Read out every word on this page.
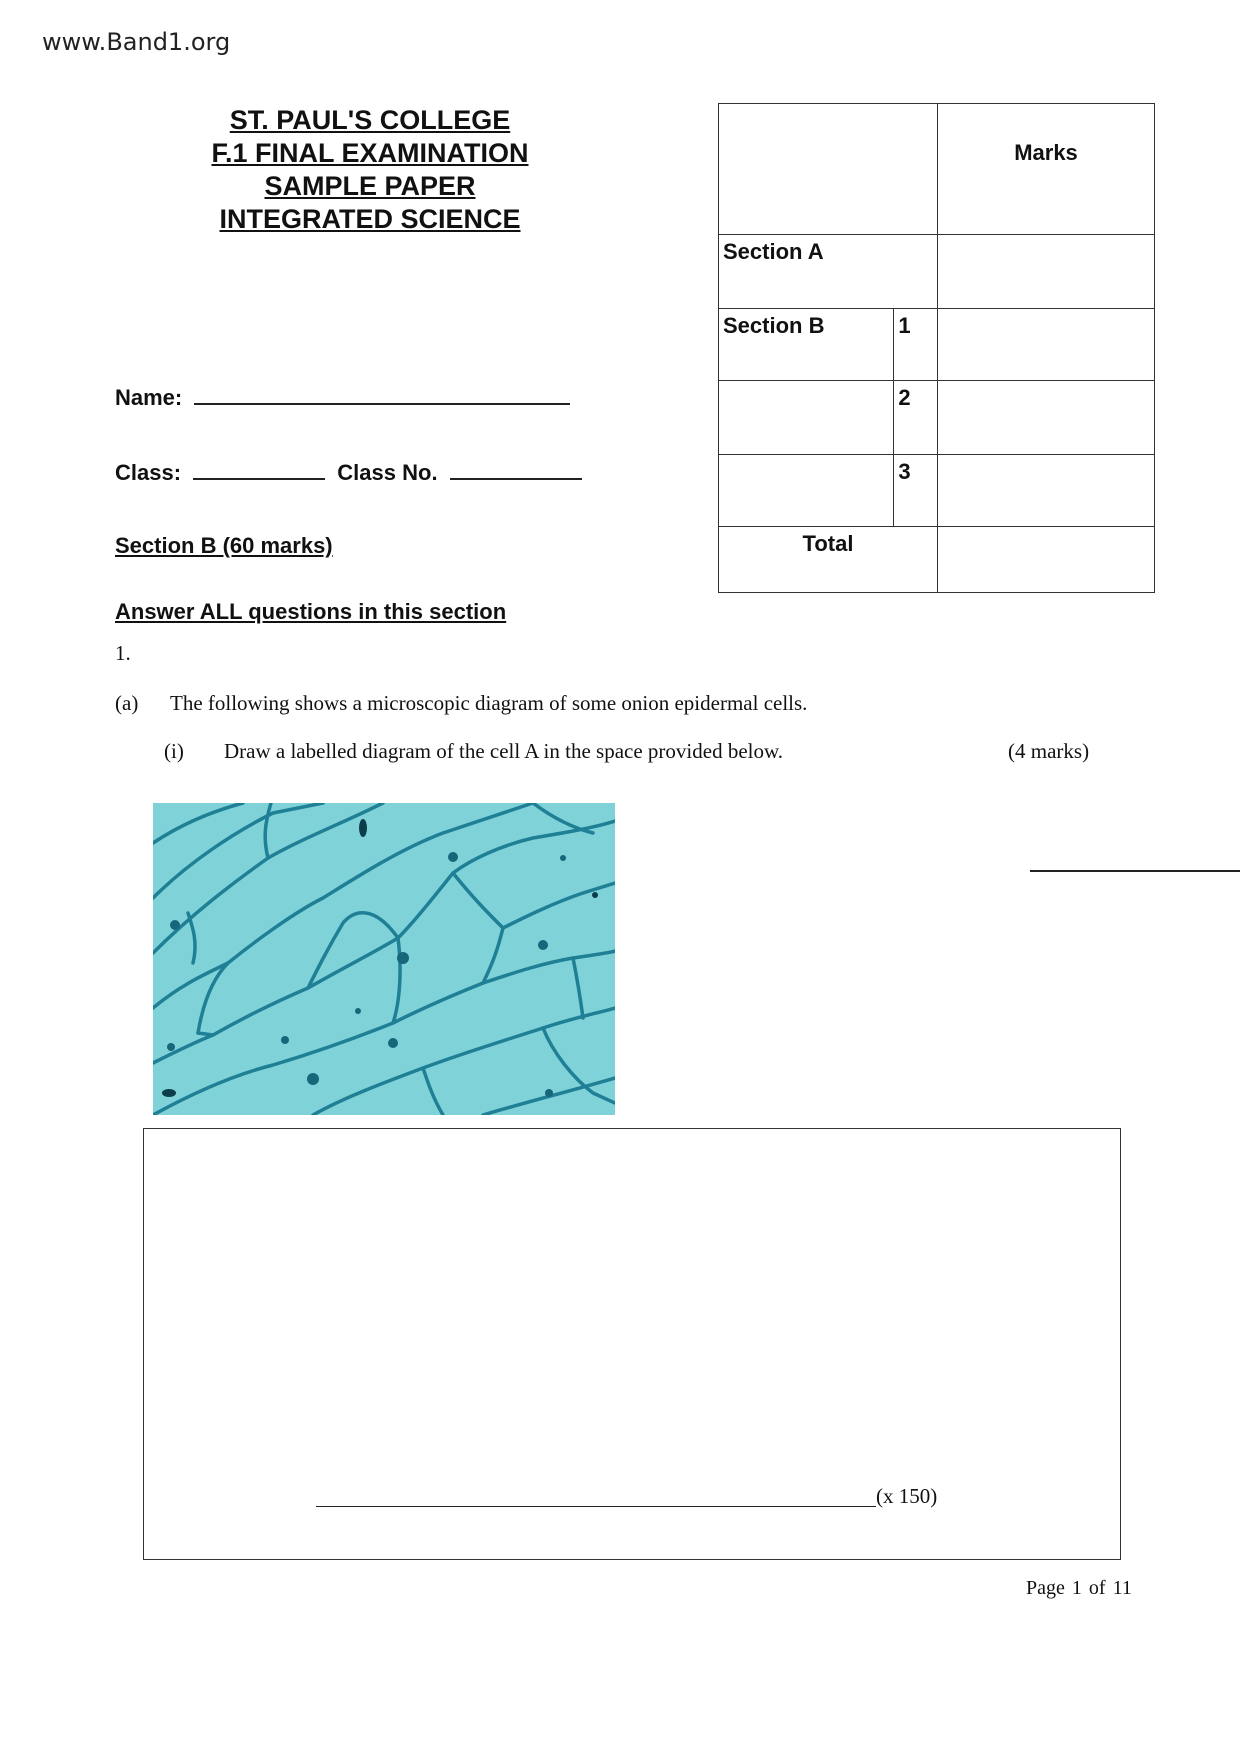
www.Band1.org
ST. PAUL'S COLLEGE
F.1 FINAL EXAMINATION
SAMPLE PAPER
INTEGRATED SCIENCE
Name:
Class:	Class No.
Section B (60 marks)
Answer ALL questions in this section
		Marks
Section A		
Section B	1	
	2	
	3	
Total		
1.
(a) The following shows a microscopic diagram of some onion epidermal cells.
(i) Draw a labelled diagram of the cell A in the space provided below.	(4 marks)
(x 150)
Page 1 of 11
